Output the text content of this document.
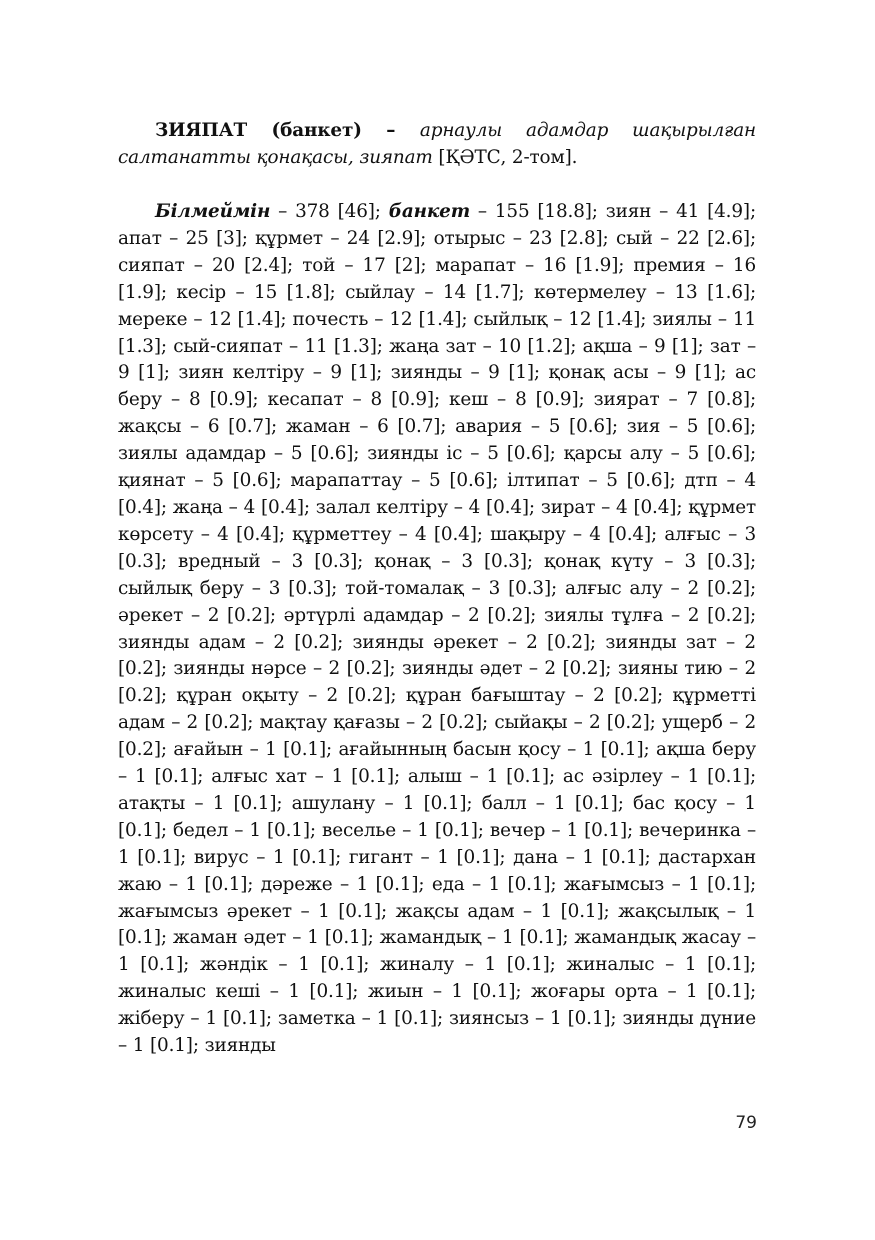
ЗИЯПАТ (банкет) – арнаулы адамдар шақырылған салтанатты қонақасы, зияпат [ҚӘТС, 2-том].

Білмеймін – 378 [46]; банкет – 155 [18.8]; зиян – 41 [4.9]; апат – 25 [3]; құрмет – 24 [2.9]; отырыс – 23 [2.8]; сый – 22 [2.6]; сияпат – 20 [2.4]; той – 17 [2]; марапат – 16 [1.9]; премия – 16 [1.9]; кесір – 15 [1.8]; сыйлау – 14 [1.7]; көтермелеу – 13 [1.6]; мереке – 12 [1.4]; почесть – 12 [1.4]; сыйлық – 12 [1.4]; зиялы – 11 [1.3]; сый-сияпат – 11 [1.3]; жаңа зат – 10 [1.2]; ақша – 9 [1]; зат – 9 [1]; зиян келтіру – 9 [1]; зиянды – 9 [1]; қонақ асы – 9 [1]; ас беру – 8 [0.9]; кесапат – 8 [0.9]; кеш – 8 [0.9]; зиярат – 7 [0.8]; жақсы – 6 [0.7]; жаман – 6 [0.7]; авария – 5 [0.6]; зия – 5 [0.6]; зиялы адамдар – 5 [0.6]; зиянды іс – 5 [0.6]; қарсы алу – 5 [0.6]; қиянат – 5 [0.6]; марапаттау – 5 [0.6]; ілтипат – 5 [0.6]; дтп – 4 [0.4]; жаңа – 4 [0.4]; залал келтіру – 4 [0.4]; зират – 4 [0.4]; құрмет көрсету – 4 [0.4]; құрметтеу – 4 [0.4]; шақыру – 4 [0.4]; алғыс – 3 [0.3]; вредный – 3 [0.3]; қонақ – 3 [0.3]; қонақ күту – 3 [0.3]; сыйлық беру – 3 [0.3]; той-томалақ – 3 [0.3]; алғыс алу – 2 [0.2]; әрекет – 2 [0.2]; әртүрлі адамдар – 2 [0.2]; зиялы тұлға – 2 [0.2]; зиянды адам – 2 [0.2]; зиянды әрекет – 2 [0.2]; зиянды зат – 2 [0.2]; зиянды нәрсе – 2 [0.2]; зиянды әдет – 2 [0.2]; зияны тию – 2 [0.2]; құран оқыту – 2 [0.2]; құран бағыштау – 2 [0.2]; құрметті адам – 2 [0.2]; мақтау қағазы – 2 [0.2]; сыйақы – 2 [0.2]; ущерб – 2 [0.2]; ағайын – 1 [0.1]; ағайынның басын қосу – 1 [0.1]; ақша беру – 1 [0.1]; алғыс хат – 1 [0.1]; алыш – 1 [0.1]; ас әзірлеу – 1 [0.1]; атақты – 1 [0.1]; ашулану – 1 [0.1]; балл – 1 [0.1]; бас қосу – 1 [0.1]; бедел – 1 [0.1]; веселье – 1 [0.1]; вечер – 1 [0.1]; вечеринка – 1 [0.1]; вирус – 1 [0.1]; гигант – 1 [0.1]; дана – 1 [0.1]; дастархан жаю – 1 [0.1]; дәреже – 1 [0.1]; еда – 1 [0.1]; жағымсыз – 1 [0.1]; жағымсыз әрекет – 1 [0.1]; жақсы адам – 1 [0.1]; жақсылық – 1 [0.1]; жаман әдет – 1 [0.1]; жамандық – 1 [0.1]; жамандық жасау – 1 [0.1]; жәндік – 1 [0.1]; жиналу – 1 [0.1]; жиналыс – 1 [0.1]; жиналыс кеші – 1 [0.1]; жиын – 1 [0.1]; жоғары орта – 1 [0.1]; жіберу – 1 [0.1]; заметка – 1 [0.1]; зиянсыз – 1 [0.1]; зиянды дүние – 1 [0.1]; зиянды

79
